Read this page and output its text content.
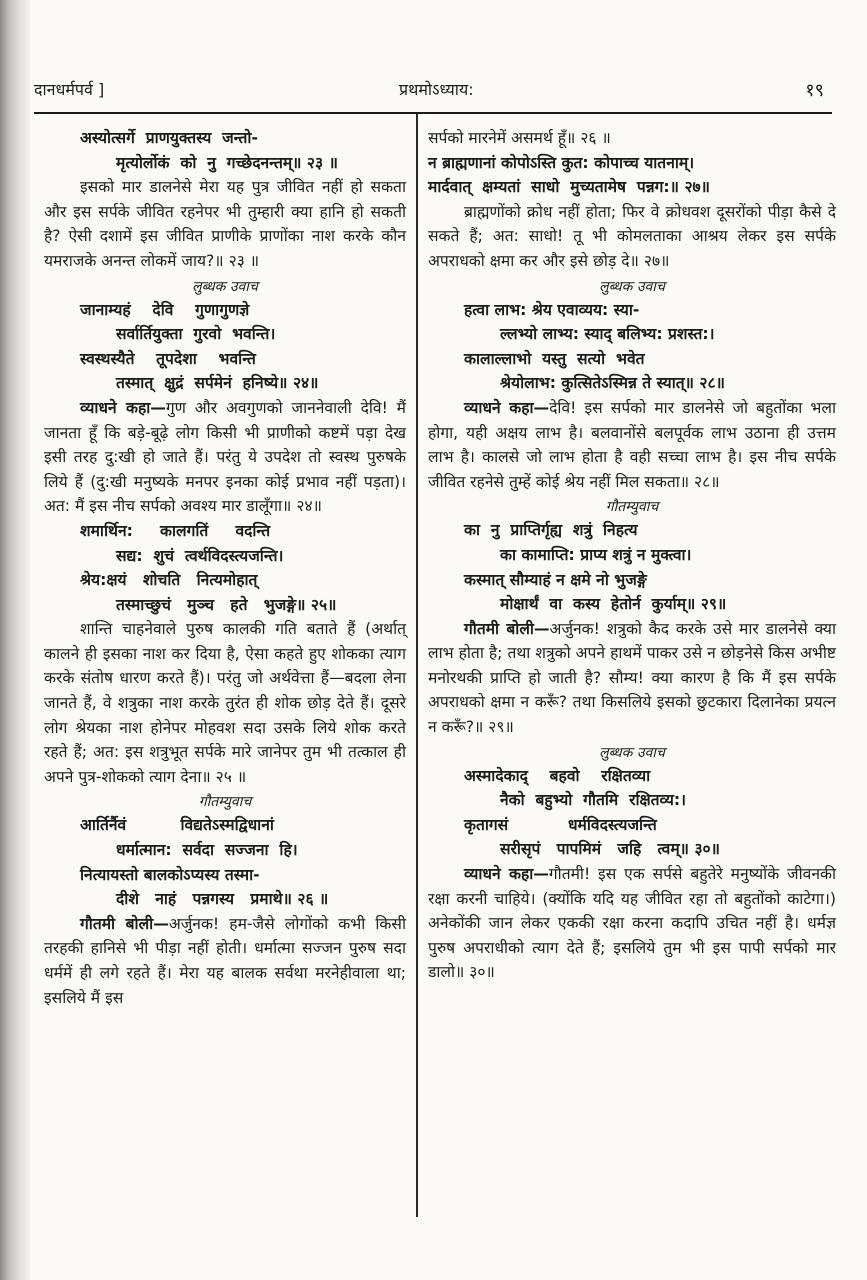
दानधर्मपर्व ]	प्रथमोऽध्याय:	१९

अस्योत्सर्गे  प्राणयुक्तस्य  जन्तो-

मृत्योर्लोकं  को  नु  गच्छेदनन्तम्॥ २३ ॥

इसको मार डालनेसे मेरा यह पुत्र जीवित नहीं हो सकता और इस सर्पके जीवित रहनेपर भी तुम्हारी क्या हानि हो सकती है? ऐसी दशामें इस जीवित प्राणीके प्राणोंका नाश करके कौन यमराजके अनन्त लोकमें जाय?॥ २३ ॥

लुब्धक उवाच

जानाम्यहं    देवि    गुणागुणज्ञे

सर्वार्तियुक्ता  गुरवो  भवन्ति।

स्वस्थस्यैते    तूपदेशा    भवन्ति

तस्मात्  क्षुद्रं  सर्पमेनं  हनिष्ये॥ २४॥

व्याधने कहा—गुण और अवगुणको जाननेवाली देवि! मैं जानता हूँ कि बड़े-बूढ़े लोग किसी भी प्राणीको कष्टमें पड़ा देख इसी तरह दु:खी हो जाते हैं। परंतु ये उपदेश तो स्वस्थ पुरुषके लिये हैं (दु:खी मनुष्यके मनपर इनका कोई प्रभाव नहीं पड़ता)। अत: मैं इस नीच सर्पको अवश्य मार डालूँगा॥ २४॥

शमार्थिन:     कालगतिं     वदन्ति

सद्य:  शुचं  त्वर्थविदस्त्यजन्ति।

श्रेय:क्षयं   शोचति   नित्यमोहात्

तस्माच्छुचं   मुञ्च   हते   भुजङ्गे॥ २५॥

शान्ति चाहनेवाले पुरुष कालकी गति बताते हैं (अर्थात् कालने ही इसका नाश कर दिया है, ऐसा कहते हुए शोकका त्याग करके संतोष धारण करते हैं)। परंतु जो अर्थवेत्ता हैं—बदला लेना जानते हैं, वे शत्रुका नाश करके तुरंत ही शोक छोड़ देते हैं। दूसरे लोग श्रेयका नाश होनेपर मोहवश सदा उसके लिये शोक करते रहते हैं; अत: इस शत्रुभूत सर्पके मारे जानेपर तुम भी तत्काल ही अपने पुत्र-शोकको त्याग देना॥ २५ ॥

गौतम्युवाच

आर्तिर्नैवं          विद्यतेऽस्मद्विधानां

धर्मात्मान:  सर्वदा  सज्जना  हि।

नित्यायस्तो बालकोऽप्यस्य तस्मा-

दीशे   नाहं   पन्नगस्य   प्रमाथे॥ २६ ॥

गौतमी बोली—अर्जुनक! हम-जैसे लोगोंको कभी किसी तरहकी हानिसे भी पीड़ा नहीं होती। धर्मात्मा सज्जन पुरुष सदा धर्ममें ही लगे रहते हैं। मेरा यह बालक सर्वथा मरनेहीवाला था; इसलिये मैं इस

सर्पको मारनेमें असमर्थ हूँ॥ २६ ॥

न ब्राह्मणानां कोपोऽस्ति कुत: कोपाच्च यातनाम्।

मार्दवात्  क्षम्यतां  साधो  मुच्यतामेष  पन्नग:॥ २७॥

ब्राह्मणोंको क्रोध नहीं होता; फिर वे क्रोधवश दूसरोंको पीड़ा कैसे दे सकते हैं; अत: साधो! तू भी कोमलताका आश्रय लेकर इस सर्पके अपराधको क्षमा कर और इसे छोड़ दे॥ २७॥

लुब्धक उवाच

हत्वा लाभ: श्रेय एवाव्यय: स्या-

ल्लभ्यो लाभ्य: स्याद् बलिभ्य: प्रशस्त:।

कालाल्लाभो  यस्तु  सत्यो  भवेत

श्रेयोलाभ: कुत्सितेऽस्मिन्न ते स्यात्॥ २८॥

व्याधने कहा—देवि! इस सर्पको मार डालनेसे जो बहुतोंका भला होगा, यही अक्षय लाभ है। बलवानोंसे बलपूर्वक लाभ उठाना ही उत्तम लाभ है। कालसे जो लाभ होता है वही सच्चा लाभ है। इस नीच सर्पके जीवित रहनेसे तुम्हें कोई श्रेय नहीं मिल सकता॥ २८॥

गौतम्युवाच

का  नु  प्राप्तिर्गृह्य  शत्रुं  निहत्य

का कामाप्ति: प्राप्य शत्रुं न मुक्त्वा।

कस्मात् सौम्याहं न क्षमे नो भुजङ्गे

मोक्षार्थं  वा  कस्य  हेतोर्न  कुर्याम्॥ २९॥

गौतमी बोली—अर्जुनक! शत्रुको कैद करके उसे मार डालनेसे क्या लाभ होता है; तथा शत्रुको अपने हाथमें पाकर उसे न छोड़नेसे किस अभीष्ट मनोरथकी प्राप्ति हो जाती है? सौम्य! क्या कारण है कि मैं इस सर्पके अपराधको क्षमा न करूँ? तथा किसलिये इसको छुटकारा दिलानेका प्रयत्न न करूँ?॥ २९॥

लुब्धक उवाच

अस्मादेकाद्    बहवो    रक्षितव्या

नैको  बहुभ्यो  गौतमि  रक्षितव्य:।

कृतागसं           धर्मविदस्त्यजन्ति

सरीसृपं   पापमिमं   जहि   त्वम्॥ ३०॥

व्याधने कहा—गौतमी! इस एक सर्पसे बहुतेरे मनुष्योंके जीवनकी रक्षा करनी चाहिये। (क्योंकि यदि यह जीवित रहा तो बहुतोंको काटेगा।) अनेकोंकी जान लेकर एककी रक्षा करना कदापि उचित नहीं है। धर्मज्ञ पुरुष अपराधीको त्याग देते हैं; इसलिये तुम भी इस पापी सर्पको मार डालो॥ ३०॥
